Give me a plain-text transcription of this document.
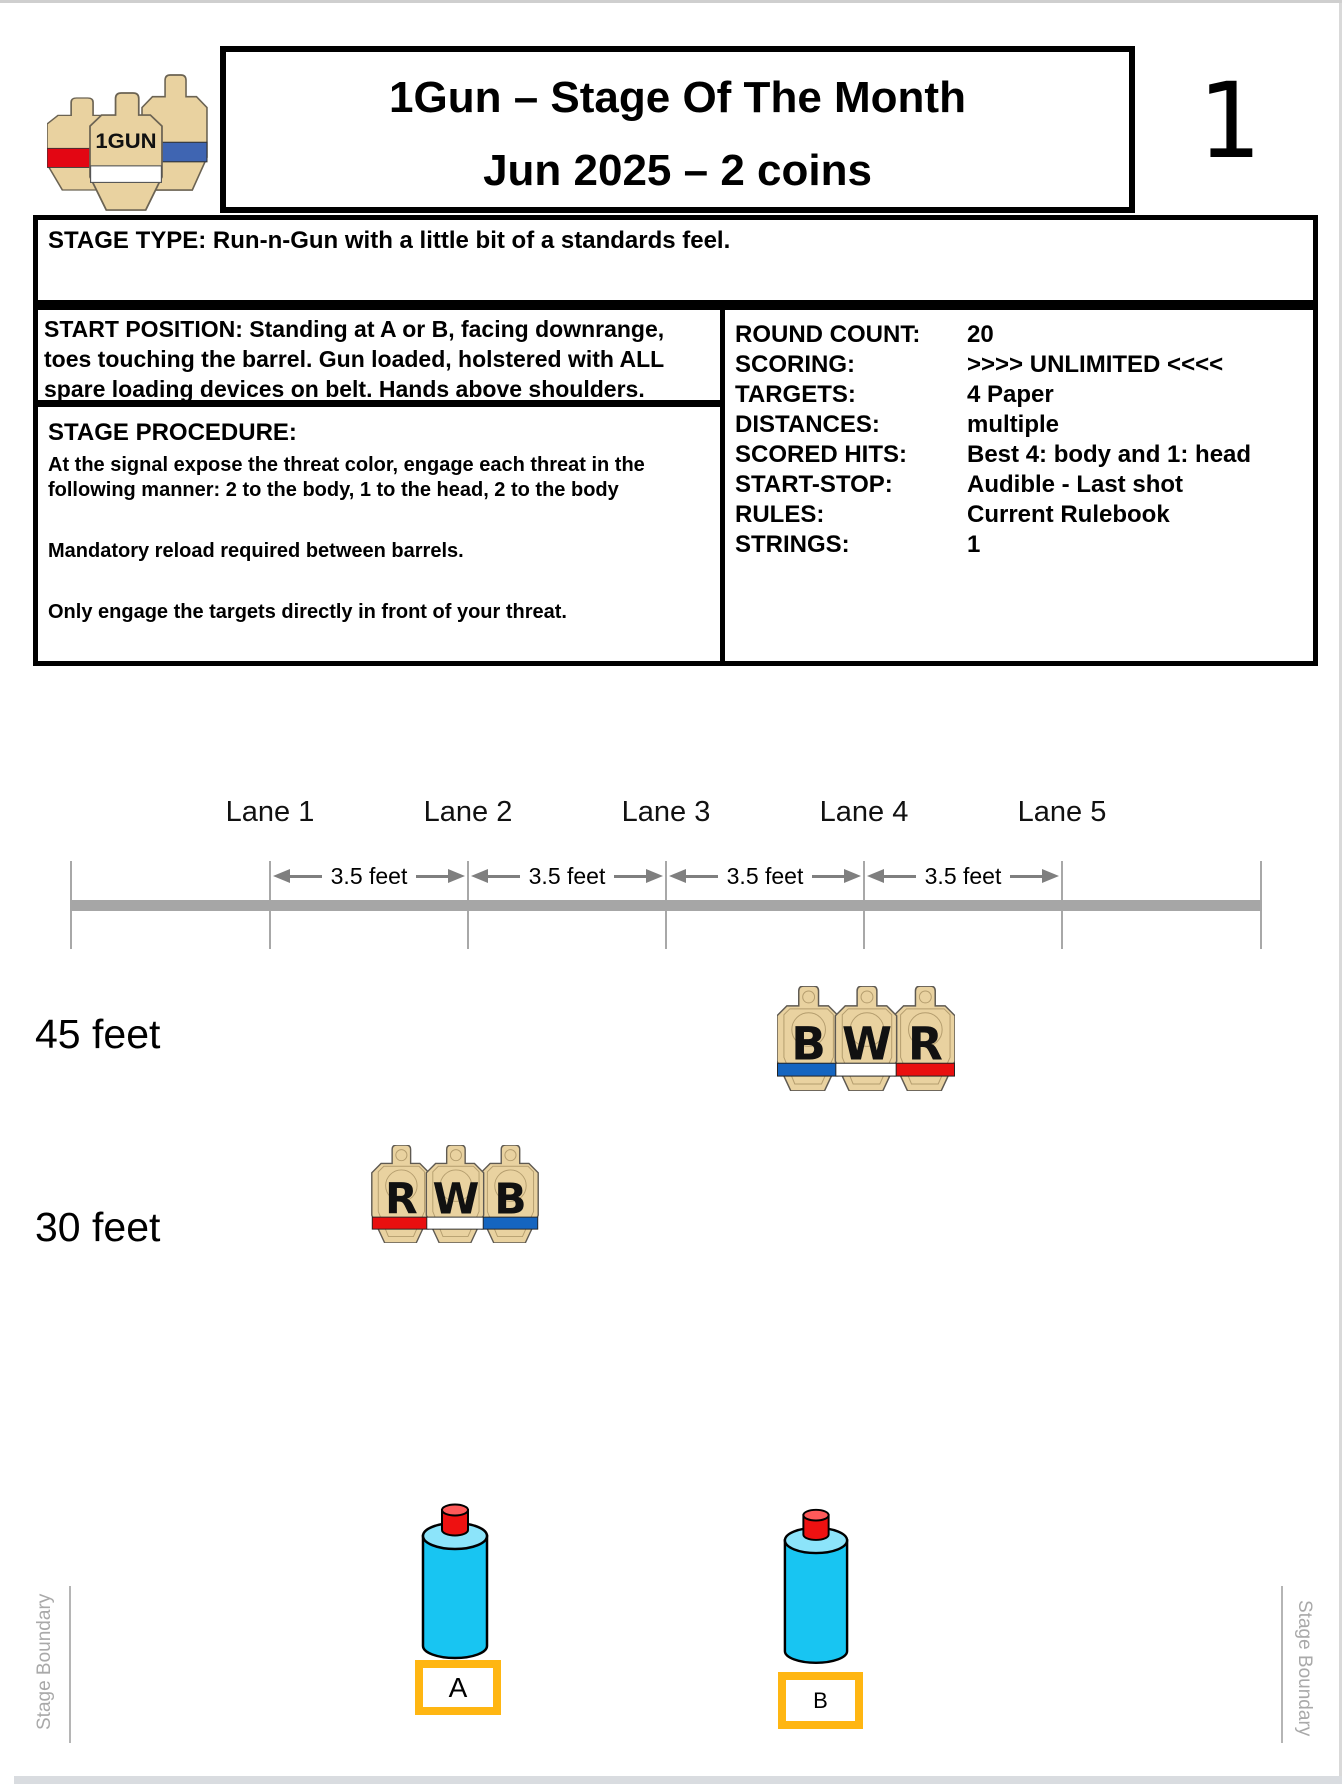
1GUN
1Gun – Stage Of The Month
Jun 2025 – 2 coins	1
STAGE TYPE: Run-n-Gun with a little bit of a standards feel.
START POSITION: Standing at A or B, facing downrange,
toes touching the barrel. Gun loaded, holstered with ALL
spare loading devices on belt. Hands above shoulders.
ROUND COUNT: 20
SCORING:	>>>> UNLIMITED <<<<
TARGETS:	4 Paper
DISTANCES:	multiple
SCORED HITS: Best 4: body and 1: head
START-STOP:	Audible - Last shot
RULES:	Current Rulebook
STRINGS:	1
STAGE PROCEDURE:
At the signal expose the threat color, engage each threat in the following manner: 2 to the body, 1 to the head, 2 to the body
Mandatory reload required between barrels.
Only engage the targets directly in front of your threat.
Lane 1	Lane 2	Lane 3	Lane 4	Lane 5
3.5 feet	3.5 feet	3.5 feet	3.5 feet
45 feet
30 feet
B R
W
R B
W
A	B
Stage Boundary	Stage Boundary
